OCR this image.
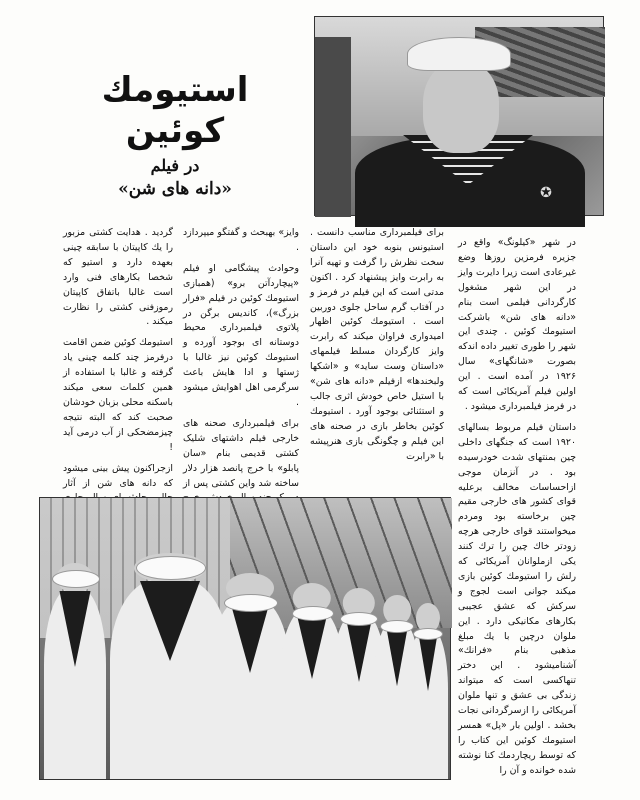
✪
استیومك كوئین
در فیلم
«دانه های شن»

در شهر «کیلونگ» واقع در جزیره فرمزین روزها وضع غیرعادی است زیرا دایرت وایز در این شهر مشغول کارگردانی فیلمی است بنام «دانه های شن» باشرکت استیومك كوئین . چندی این شهر را طوری تغییر داده اندکه بصورت «شانگهای» سال ۱۹۲۶ در آمده است . این اولین فیلم آمریکائی است که در فرمز فیلمبرداری میشود .

داستان فیلم مربوط بسالهای ۱۹۲۰ است که جنگهای داخلی چین بمنتهای شدت خودرسیده بود . در آنزمان موجی ازاحساسات مخالف برعلیه قوای کشور های خارجی مقیم چین برخاسته بود ومردم میخواستند قوای خارجی هرچه زودتر خاك چین را ترك كنند یکی ازملوانان آمریکائی که رلش را استیومك كوئین بازی میکند جوانی است لجوج و سرکش که عشق عجیبی بکارهای مکانیکی دارد . این ملوان درچین با یك مبلغ مذهبی بنام «فرانك» آشنامیشود . این دختر تنهاکسی است که میتواند زندگی بی عشق و تنها ملوان آمریکائی را ازسرگردانی نجات بخشد . اولین بار «پل» همسر استیومك كوئین این کتاب را که توسط ریچاردمك كنا نوشته شده خوانده و آن را

برای فیلمبرداری مناسب دانست . استیونس بنوبه خود این داستان سخت نظرش را گرفت و تهیه آنرا به رابرت وایز پیشنهاد کرد . اکنون مدتی است که این فیلم در فرمز و در آفتاب گرم ساحل جلوی دوربین است . استیومك كوئین اظهار امیدواری فراوان میکند که رابرت وایز کارگردان مسلط فیلمهای «داستان وست ساید» و «اشکها ولبخندها» ازفیلم «دانه های شن» با استیل خاص خودش اثری جالب و استثنائی بوجود آورد . استیومك كوئین بخاطر بازی در صحنه های این فیلم و چگونگی بازی هنرپیشه با «رابرت

وایز» بهبحث و گفتگو میپردازد .

وحوادث پیشگامی او فیلم «پیچاردآتن برو» (همبازی استیومك كوئین در فیلم «فرار بزرگ»)، کاندیس برگن در پلاتوی فیلمبرداری محیط دوستانه ای بوجود آورده و استیومك كوئین نیز غالبا با ژستها و ادا هایش باعث سرگرمی اهل اهوایش میشود .

برای فیلمبرداری صحنه های خارجی فیلم داشتهای شلیک کشتی قدیمی بنام «سان پابلو» با خرج پانصد هزار دلار ساخته شد واین کشتی پس از

گردید . هدایت کشتی مزبور را یك کاپیتان با سابقه چینی بعهده دارد و استیو كه شخصا بکارهای فنی وارد است غالبا باتفاق کاپیتان رموزفنی کشتی را نظارت میکند .

استیومك كوئین ضمن اقامت درفرمز چند کلمه چینی یاد گرفته و غالبا با استفاده از همین کلمات سعی میکند باسکنه محلی بزبان خودشان صحبت کند که البته نتیجه چیزمضحکی از آب درمی آید !

ازجراکنون پیش بینی میشود که دانه های شن از آثار
